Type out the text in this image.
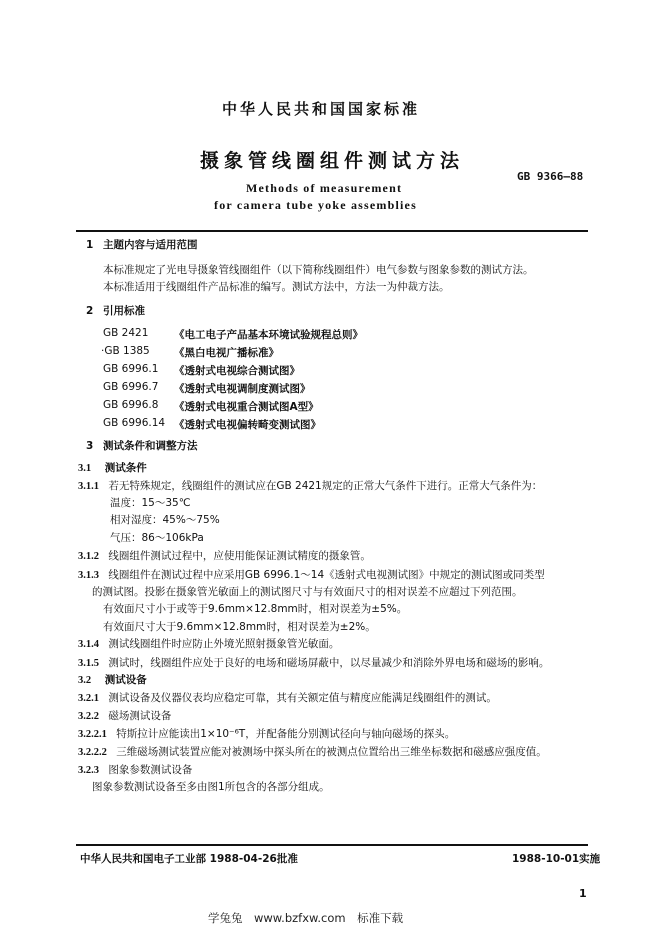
中华人民共和国国家标准
摄象管线圈组件测试方法
Methods of measurement
for camera tube yoke assemblies
GB 9366—88
1 主题内容与适用范围
本标准规定了光电导摄象管线圈组件（以下简称线圈组件）电气参数与图象参数的测试方法。
本标准适用于线圈组件产品标准的编写。测试方法中，方法一为仲裁方法。
2 引用标准
GB 2421 《电工电子产品基本环境试验规程总则》
·GB 1385 《黑白电视广播标准》
GB 6996.1 《透射式电视综合测试图》
GB 6996.7 《透射式电视调制度测试图》
GB 6996.8 《透射式电视重合测试图A型》
GB 6996.14 《透射式电视偏转畸变测试图》
3 测试条件和调整方法
3.1 测试条件
3.1.1 若无特殊规定，线圈组件的测试应在GB 2421规定的正常大气条件下进行。正常大气条件为：
温度：15～35℃
相对湿度：45%～75%
气压：86～106kPa
3.1.2 线圈组件测试过程中，应使用能保证测试精度的摄象管。
3.1.3 线圈组件在测试过程中应采用GB 6996.1～14《透射式电视测试图》中规定的测试图或同类型
的测试图。投影在摄象管光敏面上的测试图尺寸与有效面尺寸的相对误差不应超过下列范围。
有效面尺寸小于或等于9.6mm×12.8mm时，相对误差为±5%。
有效面尺寸大于9.6mm×12.8mm时，相对误差为±2%。
3.1.4 测试线圈组件时应防止外境光照射摄象管光敏面。
3.1.5 测试时，线圈组件应处于良好的电场和磁场屏蔽中，以尽量减少和消除外界电场和磁场的影响。
3.2 测试设备
3.2.1 测试设备及仪器仪表均应稳定可靠，其有关额定值与精度应能满足线圈组件的测试。
3.2.2 磁场测试设备
3.2.2.1 特斯拉计应能读出1×10⁻⁶T，并配备能分别测试径向与轴向磁场的探头。
3.2.2.2 三维磁场测试装置应能对被测场中探头所在的被测点位置给出三维坐标数据和磁感应强度值。
3.2.3 图象参数测试设备
图象参数测试设备至多由图1所包含的各部分组成。
中华人民共和国电子工业部 1988-04-26批准	1988-10-01实施
1
学兔兔　www.bzfxw.com　标准下载
